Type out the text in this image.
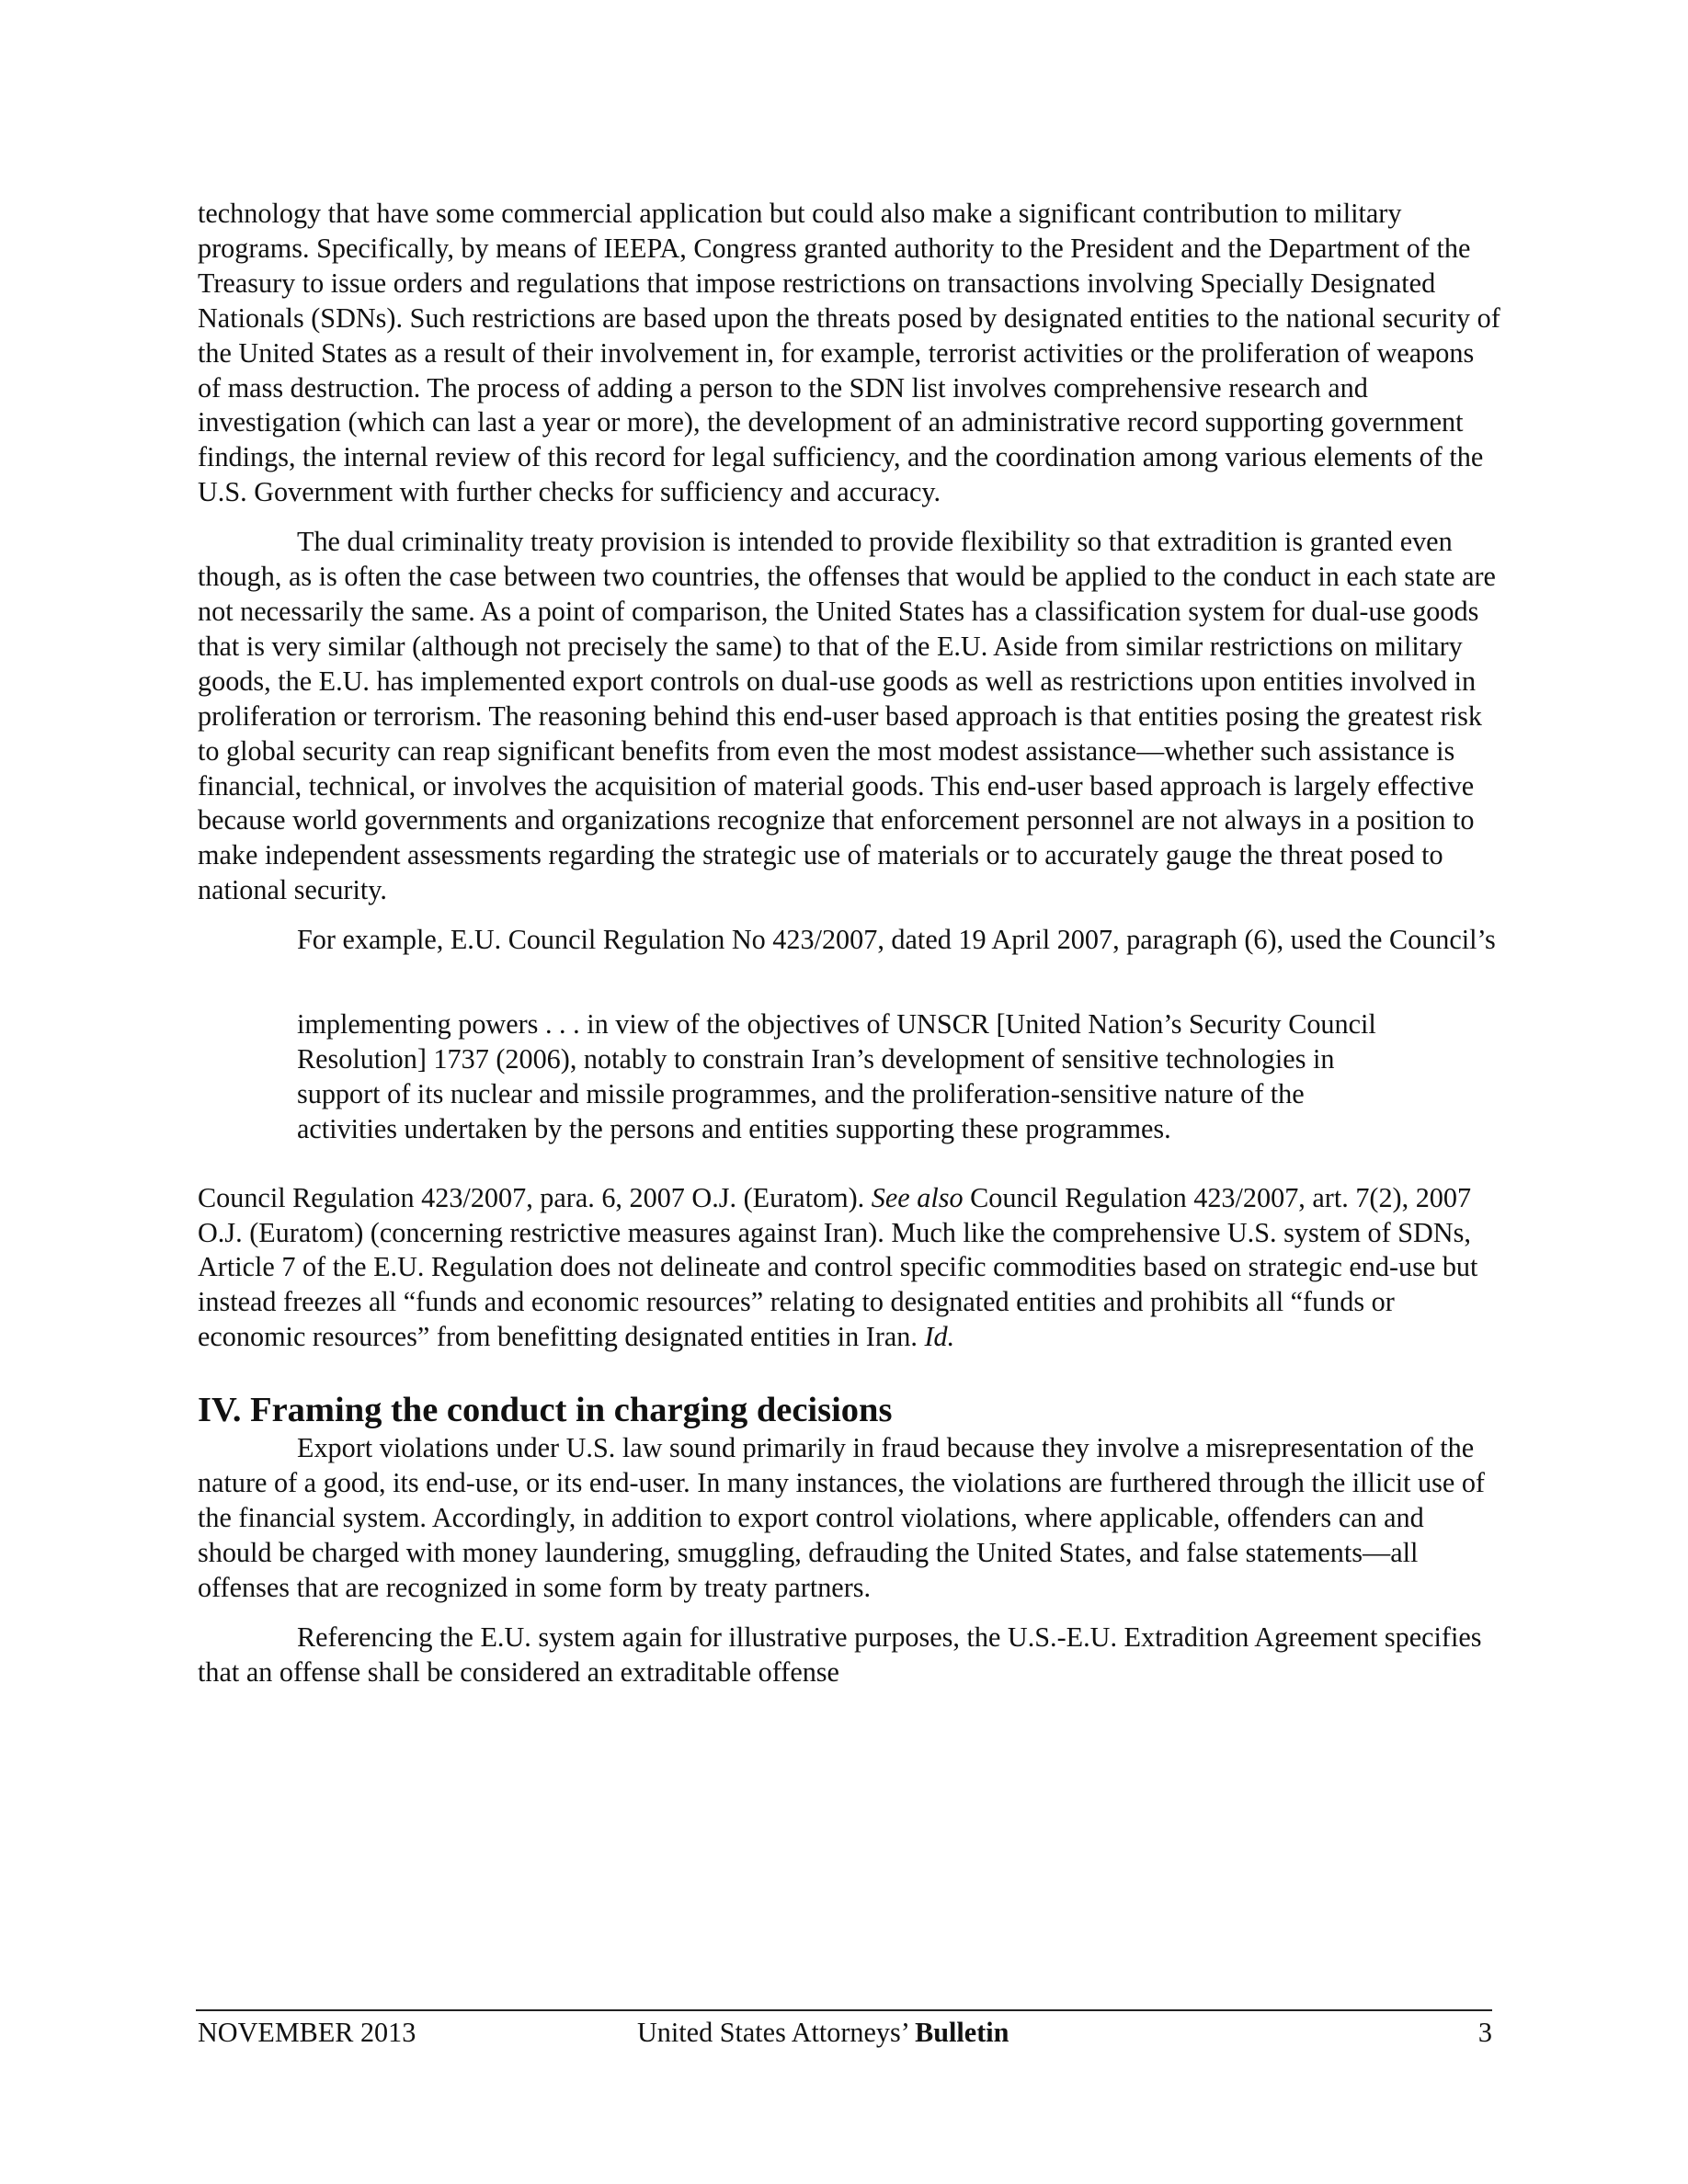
technology that have some commercial application but could also make a significant contribution to military programs. Specifically, by means of IEEPA, Congress granted authority to the President and the Department of the Treasury to issue orders and regulations that impose restrictions on transactions involving Specially Designated Nationals (SDNs). Such restrictions are based upon the threats posed by designated entities to the national security of the United States as a result of their involvement in, for example, terrorist activities or the proliferation of weapons of mass destruction. The process of adding a person to the SDN list involves comprehensive research and investigation (which can last a year or more), the development of an administrative record supporting government findings, the internal review of this record for legal sufficiency, and the coordination among various elements of the U.S. Government with further checks for sufficiency and accuracy.

The dual criminality treaty provision is intended to provide flexibility so that extradition is granted even though, as is often the case between two countries, the offenses that would be applied to the conduct in each state are not necessarily the same. As a point of comparison, the United States has a classification system for dual-use goods that is very similar (although not precisely the same) to that of the E.U. Aside from similar restrictions on military goods, the E.U. has implemented export controls on dual-use goods as well as restrictions upon entities involved in proliferation or terrorism. The reasoning behind this end-user based approach is that entities posing the greatest risk to global security can reap significant benefits from even the most modest assistance—whether such assistance is financial, technical, or involves the acquisition of material goods. This end-user based approach is largely effective because world governments and organizations recognize that enforcement personnel are not always in a position to make independent assessments regarding the strategic use of materials or to accurately gauge the threat posed to national security.

For example, E.U. Council Regulation No 423/2007, dated 19 April 2007, paragraph (6), used the Council’s

implementing powers . . . in view of the objectives of UNSCR [United Nation’s Security Council Resolution] 1737 (2006), notably to constrain Iran’s development of sensitive technologies in support of its nuclear and missile programmes, and the proliferation-sensitive nature of the activities undertaken by the persons and entities supporting these programmes.

Council Regulation 423/2007, para. 6, 2007 O.J. (Euratom). See also Council Regulation 423/2007, art. 7(2), 2007 O.J. (Euratom) (concerning restrictive measures against Iran). Much like the comprehensive U.S. system of SDNs, Article 7 of the E.U. Regulation does not delineate and control specific commodities based on strategic end-use but instead freezes all “funds and economic resources” relating to designated entities and prohibits all “funds or economic resources” from benefitting designated entities in Iran. Id.

IV. Framing the conduct in charging decisions

Export violations under U.S. law sound primarily in fraud because they involve a misrepresentation of the nature of a good, its end-use, or its end-user. In many instances, the violations are furthered through the illicit use of the financial system. Accordingly, in addition to export control violations, where applicable, offenders can and should be charged with money laundering, smuggling, defrauding the United States, and false statements—all offenses that are recognized in some form by treaty partners.

Referencing the E.U. system again for illustrative purposes, the U.S.-E.U. Extradition Agreement specifies that an offense shall be considered an extraditable offense

NOVEMBER 2013	United States Attorneys’ Bulletin	3
